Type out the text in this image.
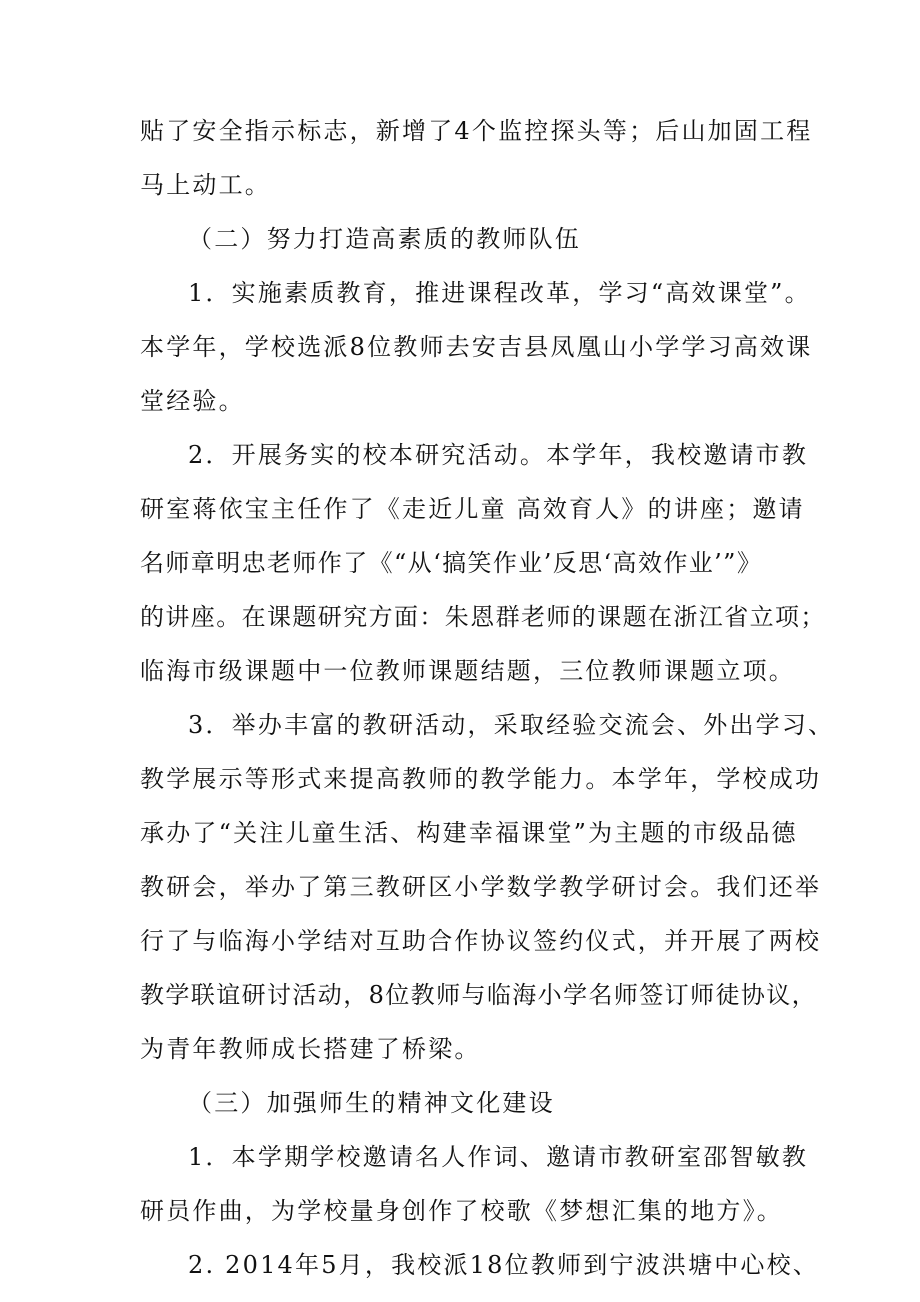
贴了安全指示标志，新增了4个监控探头等；后山加固工程
马上动工。
（二）努力打造高素质的教师队伍
1．实施素质教育，推进课程改革，学习“高效课堂”。
本学年，学校选派8位教师去安吉县凤凰山小学学习高效课
堂经验。
2．开展务实的校本研究活动。本学年，我校邀请市教
研室蒋依宝主任作了《走近儿童 高效育人》的讲座；邀请
名师章明忠老师作了《“从‘搞笑作业’反思‘高效作业’”》
的讲座。在课题研究方面：朱恩群老师的课题在浙江省立项；
临海市级课题中一位教师课题结题，三位教师课题立项。
3．举办丰富的教研活动，采取经验交流会、外出学习、
教学展示等形式来提高教师的教学能力。本学年，学校成功
承办了“关注儿童生活、构建幸福课堂”为主题的市级品德
教研会，举办了第三教研区小学数学教学研讨会。我们还举
行了与临海小学结对互助合作协议签约仪式，并开展了两校
教学联谊研讨活动，8位教师与临海小学名师签订师徒协议，
为青年教师成长搭建了桥梁。
（三）加强师生的精神文化建设
1．本学期学校邀请名人作词、邀请市教研室邵智敏教
研员作曲，为学校量身创作了校歌《梦想汇集的地方》。
2. 2014年5月，我校派18位教师到宁波洪塘中心校、
